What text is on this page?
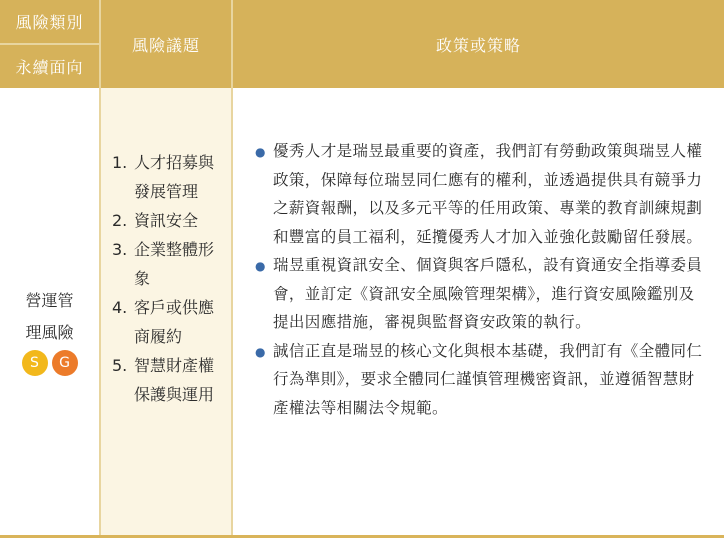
風險類別
永續面向
風險議題	政策或策略
營運管
理風險
S	G
1. 人才招募與發展管理
2. 資訊安全
3. 企業整體形象
4. 客戶或供應商履約
5. 智慧財產權保護與運用
● 優秀人才是瑞昱最重要的資產，我們訂有勞動政策與瑞昱人權政策，保障每位瑞昱同仁應有的權利，並透過提供具有競爭力之薪資報酬，以及多元平等的任用政策、專業的教育訓練規劃和豐富的員工福利，延攬優秀人才加入並強化鼓勵留任發展。
● 瑞昱重視資訊安全、個資與客戶隱私，設有資通安全指導委員會，並訂定《資訊安全風險管理架構》，進行資安風險鑑別及提出因應措施，審視與監督資安政策的執行。
● 誠信正直是瑞昱的核心文化與根本基礎，我們訂有《全體同仁行為準則》，要求全體同仁謹慎管理機密資訊，並遵循智慧財產權法等相關法令規範。
